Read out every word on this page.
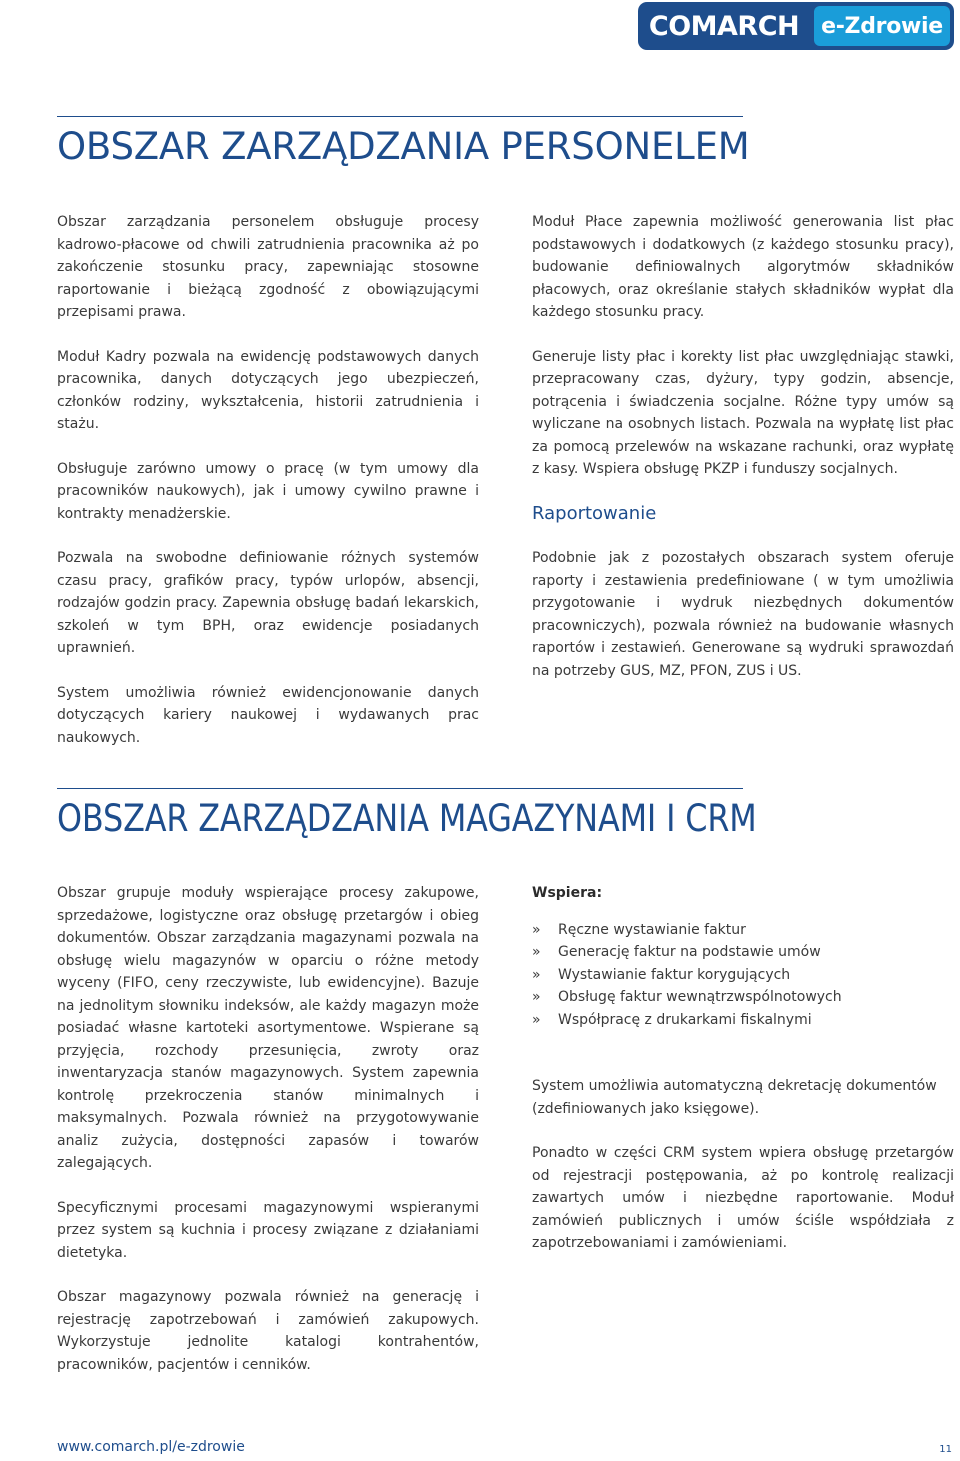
COMARCH e-Zdrowie
OBSZAR ZARZĄDZANIA PERSONELEM

Obszar zarządzania personelem obsługuje procesy kadrowo-płacowe od chwili zatrudnienia pracownika aż po zakończenie stosunku pracy, zapewniając stosowne raportowanie i bieżącą zgodność z obowiązującymi przepisami prawa.

Moduł Kadry pozwala na ewidencję podstawowych danych pracownika, danych dotyczących jego ubezpieczeń, członków rodziny, wykształcenia, historii zatrudnienia i stażu.

Obsługuje zarówno umowy o pracę (w tym umowy dla pracowników naukowych), jak i umowy cywilno prawne i kontrakty menadżerskie.

Pozwala na swobodne definiowanie różnych systemów czasu pracy, grafików pracy, typów urlopów, absencji, rodzajów godzin pracy. Zapewnia obsługę badań lekarskich, szkoleń w tym BPH, oraz ewidencje posiadanych uprawnień.

System umożliwia również ewidencjonowanie danych dotyczących kariery naukowej i wydawanych prac naukowych.

Moduł Płace zapewnia możliwość generowania list płac podstawowych i dodatkowych (z każdego stosunku pracy), budowanie definiowalnych algorytmów składników płacowych, oraz określanie stałych składników wypłat dla każdego stosunku pracy.

Generuje listy płac i korekty list płac uwzględniając stawki, przepracowany czas, dyżury, typy godzin, absencje, potrącenia i świadczenia socjalne. Różne typy umów są wyliczane na osobnych listach. Pozwala na wypłatę list płac za pomocą przelewów na wskazane rachunki, oraz wypłatę z kasy. Wspiera obsługę PKZP i funduszy socjalnych.

Raportowanie

Podobnie jak z pozostałych obszarach system oferuje raporty i zestawienia predefiniowane ( w tym umożliwia przygotowanie i wydruk niezbędnych dokumentów pracowniczych), pozwala również na budowanie własnych raportów i zestawień. Generowane są wydruki sprawozdań na potrzeby GUS, MZ, PFON, ZUS i US.

OBSZAR ZARZĄDZANIA MAGAZYNAMI I CRM

Obszar grupuje moduły wspierające procesy zakupowe, sprzedażowe, logistyczne oraz obsługę przetargów i obieg dokumentów. Obszar zarządzania magazynami pozwala na obsługę wielu magazynów w oparciu o różne metody wyceny (FIFO, ceny rzeczywiste, lub ewidencyjne). Bazuje na jednolitym słowniku indeksów, ale każdy magazyn może posiadać własne kartoteki asortymentowe. Wspierane są przyjęcia, rozchody przesunięcia, zwroty oraz inwentaryzacja stanów magazynowych. System zapewnia kontrolę przekroczenia stanów minimalnych i maksymalnych. Pozwala również na przygotowywanie analiz zużycia, dostępności zapasów i towarów zalegających.

Specyficznymi procesami magazynowymi wspieranymi przez system są kuchnia i procesy związane z działaniami dietetyka.

Obszar magazynowy pozwala również na generację i rejestrację zapotrzebowań i zamówień zakupowych. Wykorzystuje jednolite katalogi kontrahentów, pracowników, pacjentów i cenników.

Wspiera:
» Ręczne wystawianie faktur
» Generację faktur na podstawie umów
» Wystawianie faktur korygujących
» Obsługę faktur wewnątrzwspólnotowych
» Współpracę z drukarkami fiskalnymi

System umożliwia automatyczną dekretację dokumentów (zdefiniowanych jako księgowe).

Ponadto w części CRM system wpiera obsługę przetargów od rejestracji postępowania, aż po kontrolę realizacji zawartych umów i niezbędne raportowanie. Moduł zamówień publicznych i umów ściśle współdziała z zapotrzebowaniami i zamówieniami.

www.comarch.pl/e-zdrowie	11
